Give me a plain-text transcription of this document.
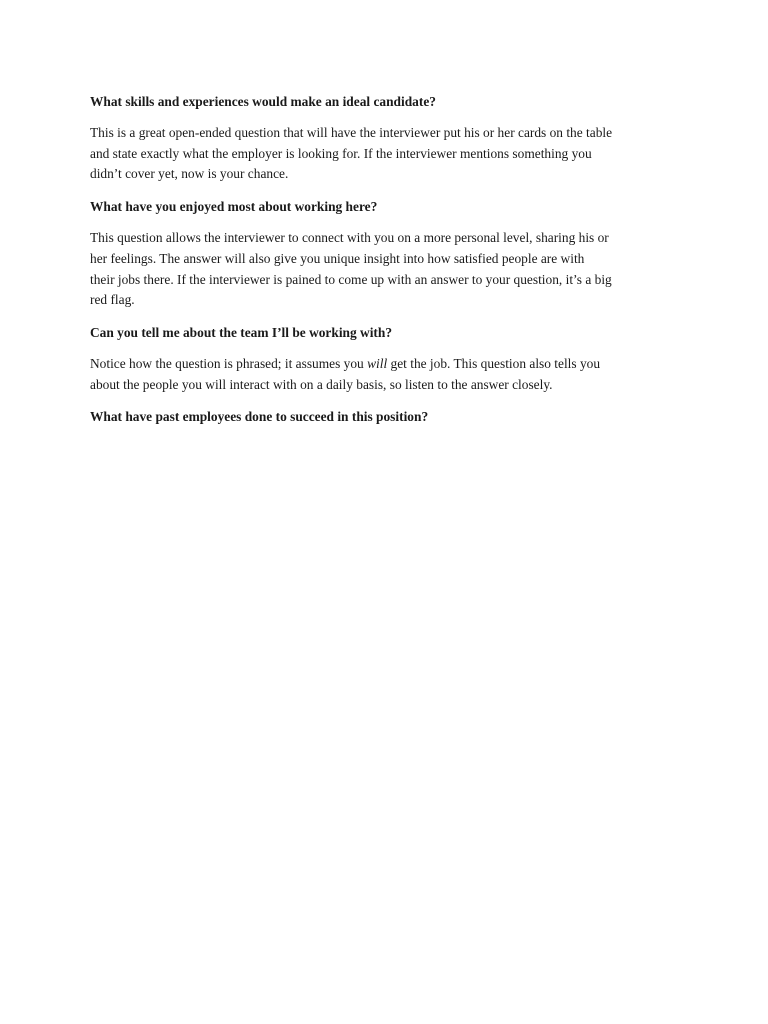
What skills and experiences would make an ideal candidate?
This is a great open-ended question that will have the interviewer put his or her cards on the table
and state exactly what the employer is looking for. If the interviewer mentions something you
didn’t cover yet, now is your chance.
What have you enjoyed most about working here?
This question allows the interviewer to connect with you on a more personal level, sharing his or
her feelings. The answer will also give you unique insight into how satisfied people are with
their jobs there. If the interviewer is pained to come up with an answer to your question, it’s a big
red flag.
Can you tell me about the team I’ll be working with?
Notice how the question is phrased; it assumes you will get the job. This question also tells you
about the people you will interact with on a daily basis, so listen to the answer closely.
What have past employees done to succeed in this position?
